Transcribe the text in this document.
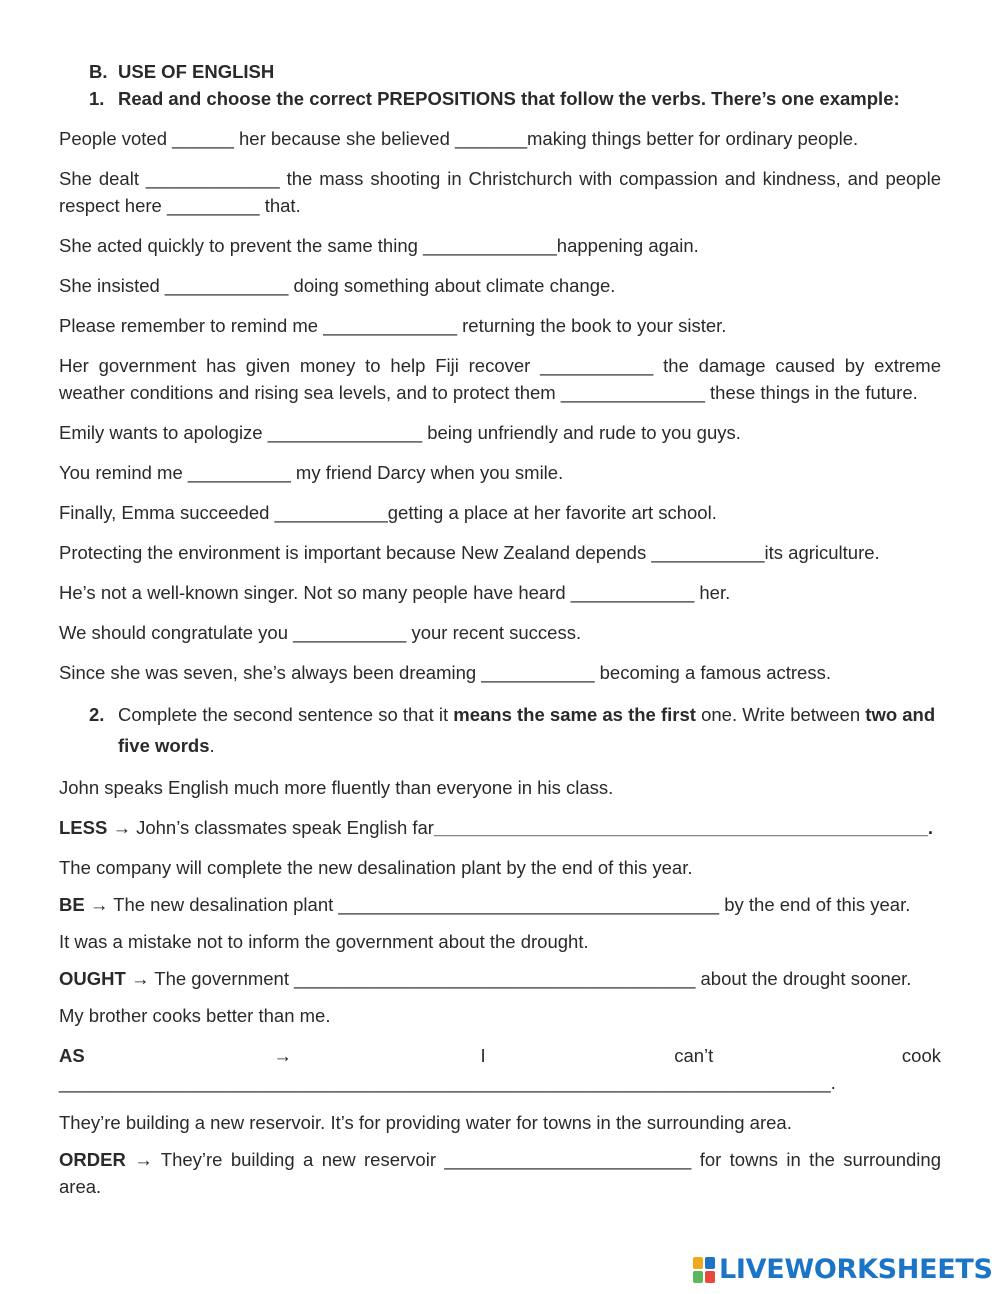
B. USE OF ENGLISH

1. Read and choose the correct PREPOSITIONS that follow the verbs. There’s one example:

People voted ______ her because she believed _______making things better for ordinary people.

She dealt _____________ the mass shooting in Christchurch with compassion and kindness, and people respect here _________ that.

She acted quickly to prevent the same thing _____________happening again.

She insisted ____________ doing something about climate change.

Please remember to remind me _____________ returning the book to your sister.

Her government has given money to help Fiji recover ___________ the damage caused by extreme weather conditions and rising sea levels, and to protect them ______________ these things in the future.

Emily wants to apologize _______________ being unfriendly and rude to you guys.

You remind me __________ my friend Darcy when you smile.

Finally, Emma succeeded ___________getting a place at her favorite art school.

Protecting the environment is important because New Zealand depends ___________its agriculture.

He’s not a well-known singer. Not so many people have heard ____________ her.

We should congratulate you ___________ your recent success.

Since she was seven, she’s always been dreaming ___________ becoming a famous actress.

2. Complete the second sentence so that it means the same as the first one. Write between two and five words.

John speaks English much more fluently than everyone in his class.

LESS → John’s classmates speak English far________________________________________________.

The company will complete the new desalination plant by the end of this year.

BE → The new desalination plant _____________________________________ by the end of this year.

It was a mistake not to inform the government about the drought.

OUGHT → The government _______________________________________ about the drought sooner.

My brother cooks better than me.

AS → I can’t cook ___________________________________________________________________________.

They’re building a new reservoir. It’s for providing water for towns in the surrounding area.

ORDER → They’re building a new reservoir ________________________ for towns in the surrounding area.

LIVEWORKSHEETS
